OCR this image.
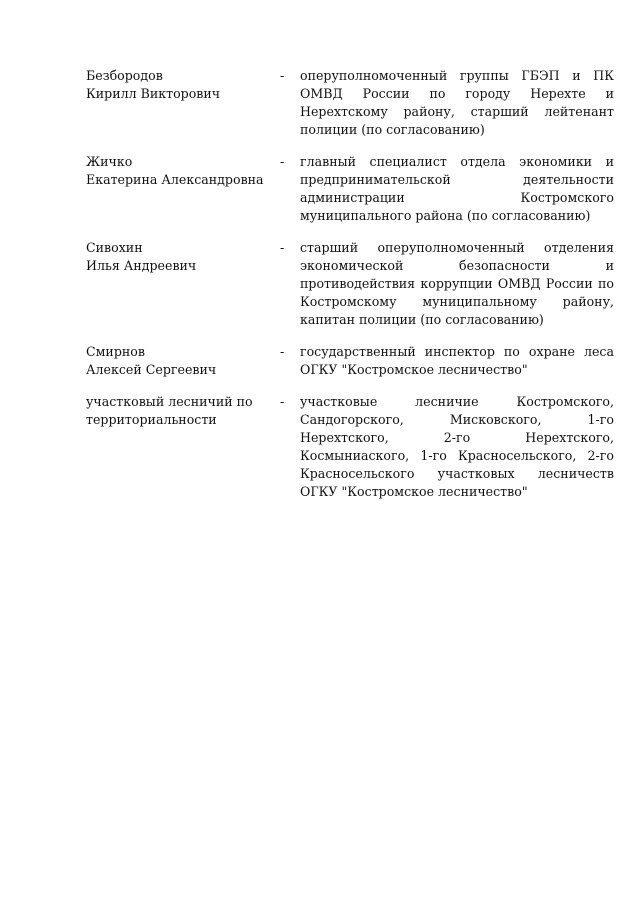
Безбородов
Кирилл Викторович
-	оперуполномоченный группы ГБЭП и ПК ОМВД России по городу Нерехте и Нерехтскому району, старший лейтенант полиции (по согласованию)
Жичко
Екатерина Александровна
-	главный специалист отдела экономики и предпринимательской деятельности администрации Костромского муниципального района (по согласованию)
Сивохин
Илья Андреевич
-	старший оперуполномоченный отделения экономической безопасности и противодействия коррупции ОМВД России по Костромскому муниципальному району, капитан полиции (по согласованию)
Смирнов
Алексей Сергеевич
-	государственный инспектор по охране леса ОГКУ "Костромское лесничество"
участковый лесничий по
территориальности
-	участковые лесничие Костромского, Сандогорского, Мисковского, 1-го Нерехтского, 2-го Нерехтского, Космыниаского, 1-го Красносельского, 2-го Красносельского участковых лесничеств ОГКУ "Костромское лесничество"
